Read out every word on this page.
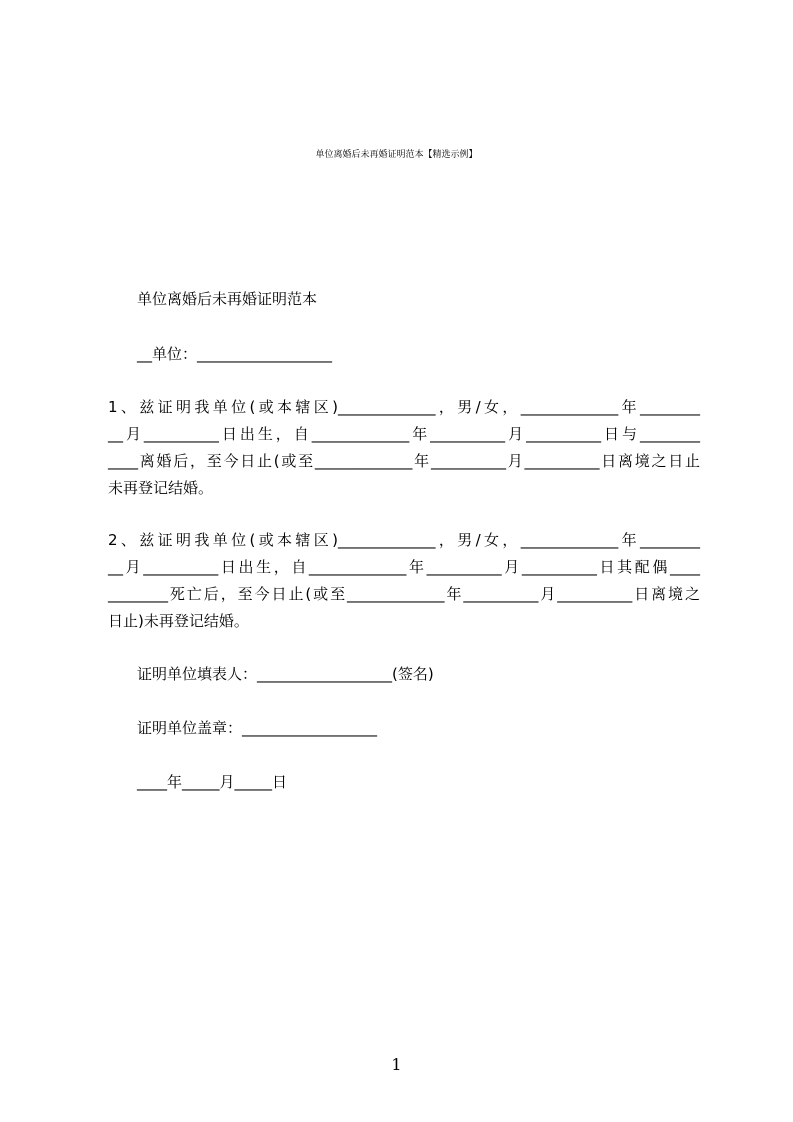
单位离婚后未再婚证明范本【精选示例】
单位离婚后未再婚证明范本
__单位：__________________
1、兹证明我单位(或本辖区)_____________，男/女，_____________年________
__月__________日出生，自_____________年__________月__________日与________
____离婚后，至今日止(或至_____________年__________月__________日离境之日止
未再登记结婚。
2、兹证明我单位(或本辖区)_____________，男/女，_____________年________
__月__________日出生，自_____________年__________月__________日其配偶____
________死亡后，至今日止(或至_____________年__________月__________日离境之
日止)未再登记结婚。
证明单位填表人：__________________(签名)
证明单位盖章：__________________
____年_____月_____日
1
